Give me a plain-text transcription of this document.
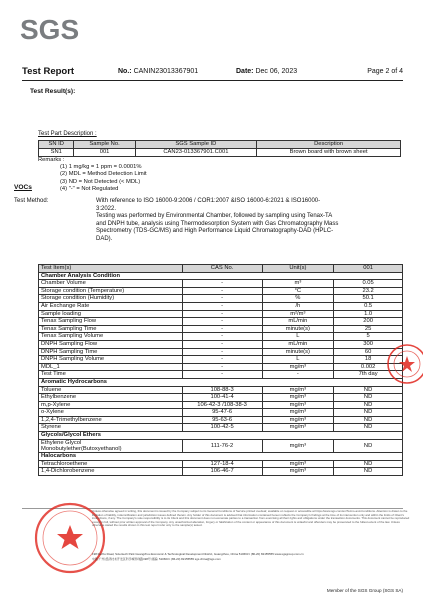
SGS
Test Report	No.: CANIN23013367901	Date: Dec 06, 2023	Page 2 of 4
Test Result(s):
Test Part Description :
SN ID	Sample No.	SGS Sample ID	Description
SN1	001	CAN23-013367901.C001	Brown board with brown sheet
Remarks :
(1) 1 mg/kg = 1 ppm = 0.0001%
(2) MDL = Method Detection Limit
(3) ND = Not Detected (< MDL)
(4) "-" = Not Regulated
VOCs
Test Method:	With reference to ISO 16000-9:2006 / COR1:2007 &ISO 16000-6:2021 & ISO16000-
3:2022.
Testing was performed by Environmental Chamber, followed by sampling using Tenax-TA
and DNPH tube, analysis using Thermodesorption System with Gas Chromatography Mass
Spectrometry (TDS-GC/MS) and High Performance Liquid Chromatography-DAD (HPLC-
DAD).
Test Item(s)	CAS No.	Unit(s)	001
Chamber Analysis Condition			
Chamber Volume	-	m³	0.05
Storage condition (Temperature)	-	°C	23.2
Storage condition (Humidity)	-	%	50.1
Air Exchange Rate	-	/h	0.5
Sample loading	-	m²/m³	1.0
Tenax Sampling Flow	-	mL/min	200
Tenax Sampling Time	-	minute(s)	25
Tenax Sampling Volume	-	L	5
DNPH Sampling Flow	-	mL/min	300
DNPH Sampling Time	-	minute(s)	60
DNPH Sampling Volume	-	L	18
MDL_1	-	mg/m³	0.002
Test Time	-	-	7th day
Aromatic Hydrocarbons			
Toluene	108-88-3	mg/m³	ND
Ethylbenzene	100-41-4	mg/m³	ND
m,p-Xylene	106-42-3 /108-38-3	mg/m³	ND
o-Xylene	95-47-6	mg/m³	ND
1,2,4-Trimethylbenzene	95-63-6	mg/m³	ND
Styrene	100-42-5	mg/m³	ND
Glycols/Glycol Ethers			

Ethylene Glycol
Monobutylether(Butoxyethanol)	111-76-2	mg/m³	ND
Halocarbons			
Tetrachloroethene	127-18-4	mg/m³	ND
1,4-Dichlorobenzene	106-46-7	mg/m³	ND
Unless otherwise agreed in writing, this document is issued by the Company subject to its General Conditions of Service printed overleaf, available on request or accessible at https://www.sgs.com/en/Terms-and-Conditions. Attention is drawn to the limitation of liability, indemnification and jurisdiction issues defined therein. Any holder of this document is advised that information contained hereon reflects the Company's findings at the time of its intervention only and within the limits of Client's instructions, if any. The Company's sole responsibility is to its Client and this document does not exonerate parties to a transaction from exercising all their rights and obligations under the transaction documents. This document cannot be reproduced except in full, without prior written approval of the Company. Any unauthorized alteration, forgery or falsification of the content or appearance of this document is unlawful and offenders may be prosecuted to the fullest extent of the law. Unless otherwise stated the results shown in this test report refer only to the sample(s) tested.
198 Kezhu Road, Scientech Park Guangzhou Economic & Technological Development District, Guangzhou, China 510663 t (86-20) 82155555 www.sgsgroup.com.cn
中国·广州·经济技术开发区科学城科珠路198号 邮编: 510663 t (86-20) 82155555 sgs.china@sgs.com
Member of the SGS Group (SGS SA)
